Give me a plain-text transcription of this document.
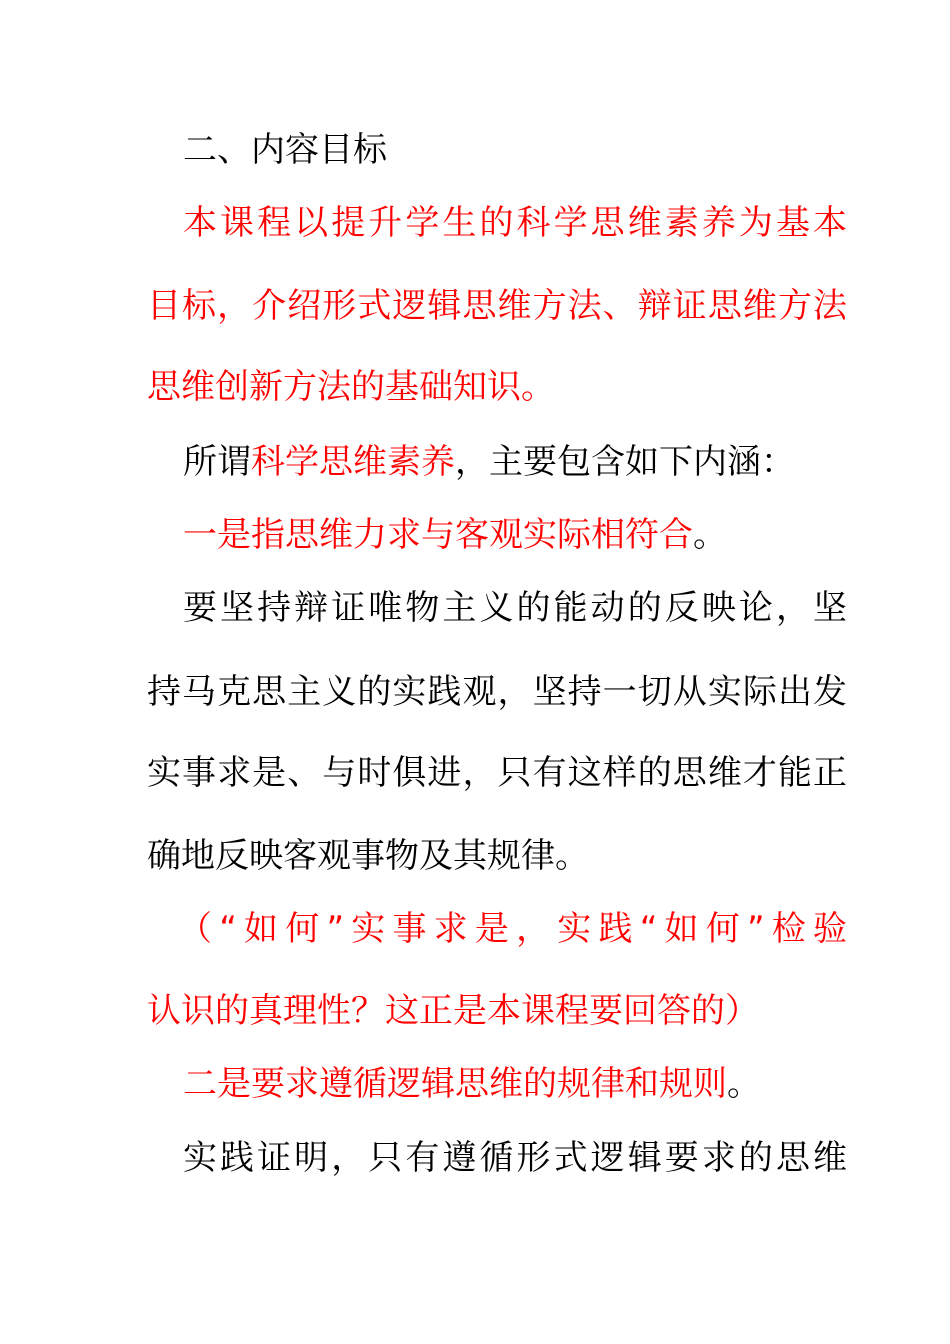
二、内容目标
本课程以提升学生的科学思维素养为基本
目标，介绍形式逻辑思维方法、辩证思维方法
思维创新方法的基础知识。
所谓科学思维素养，主要包含如下内涵：
一是指思维力求与客观实际相符合。
要坚持辩证唯物主义的能动的反映论，坚
持马克思主义的实践观，坚持一切从实际出发
实事求是、与时俱进，只有这样的思维才能正
确地反映客观事物及其规律。
（“如何”实事求是，实践“如何”检验
认识的真理性？这正是本课程要回答的）
二是要求遵循逻辑思维的规律和规则。
实践证明，只有遵循形式逻辑要求的思维
